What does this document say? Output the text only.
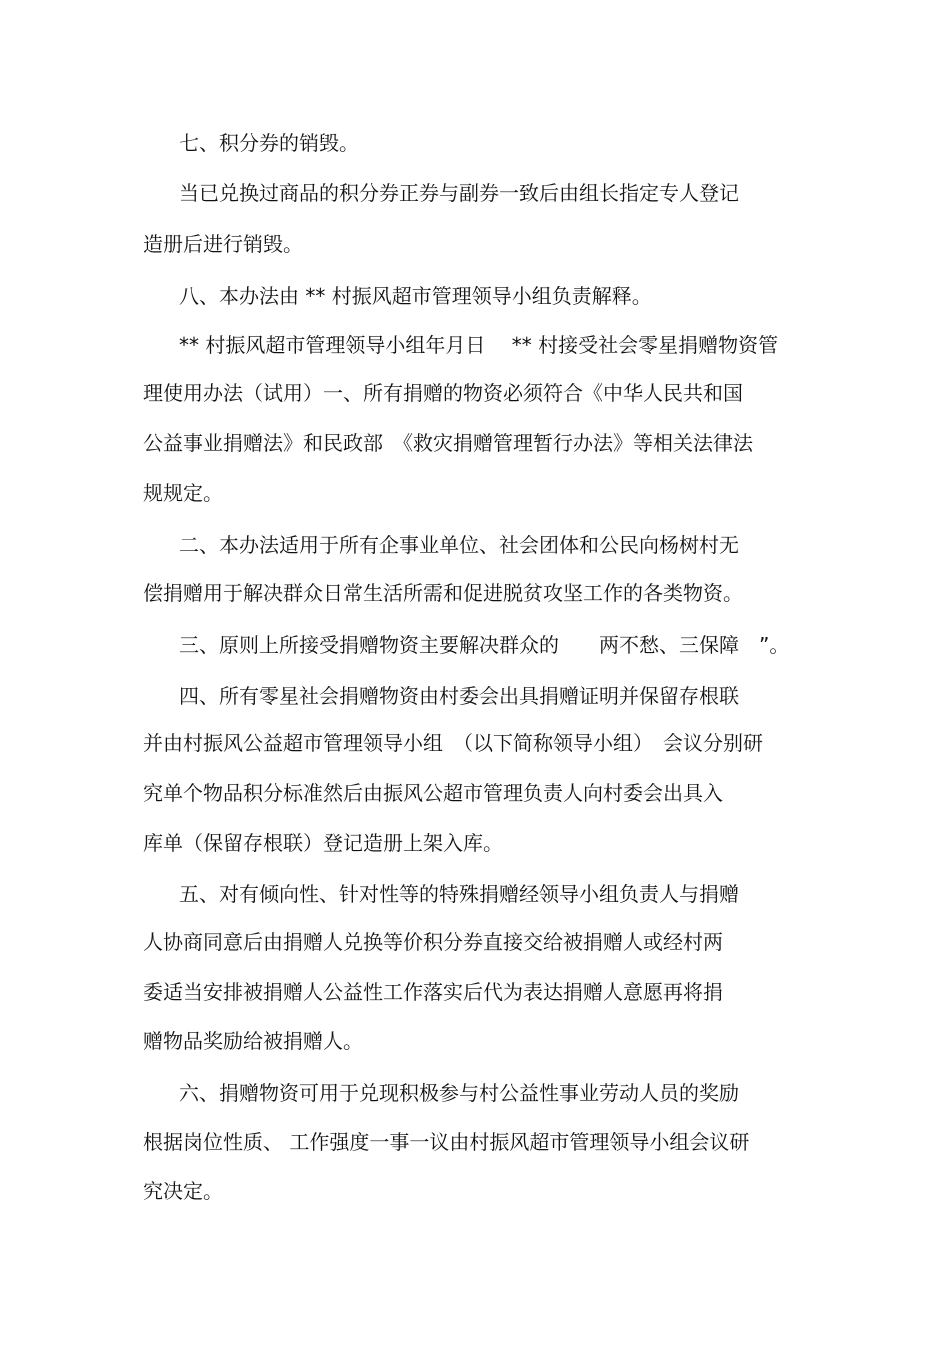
七、积分券的销毁。
当已兑换过商品的积分券正券与副券一致后由组长指定专人登记
造册后进行销毁。
八、本办法由 ** 村振风超市管理领导小组负责解释。
** 村振风超市管理领导小组年月日　 ** 村接受社会零星捐赠物资管
理使用办法（试用）一、所有捐赠的物资必须符合《中华人民共和国
公益事业捐赠法》和民政部　《救灾捐赠管理暂行办法》等相关法律法
规规定。
二、本办法适用于所有企事业单位、社会团体和公民向杨树村无
偿捐赠用于解决群众日常生活所需和促进脱贫攻坚工作的各类物资。
三、原则上所接受捐赠物资主要解决群众的　　两不愁、三保障　”。
四、所有零星社会捐赠物资由村委会出具捐赠证明并保留存根联
并由村振风公益超市管理领导小组　（以下简称领导小组）　会议分别研
究单个物品积分标准然后由振风公超市管理负责人向村委会出具入
库单（保留存根联）登记造册上架入库。
五、对有倾向性、针对性等的特殊捐赠经领导小组负责人与捐赠
人协商同意后由捐赠人兑换等价积分券直接交给被捐赠人或经村两
委适当安排被捐赠人公益性工作落实后代为表达捐赠人意愿再将捐
赠物品奖励给被捐赠人。
六、捐赠物资可用于兑现积极参与村公益性事业劳动人员的奖励
根据岗位性质、 工作强度一事一议由村振风超市管理领导小组会议研
究决定。
